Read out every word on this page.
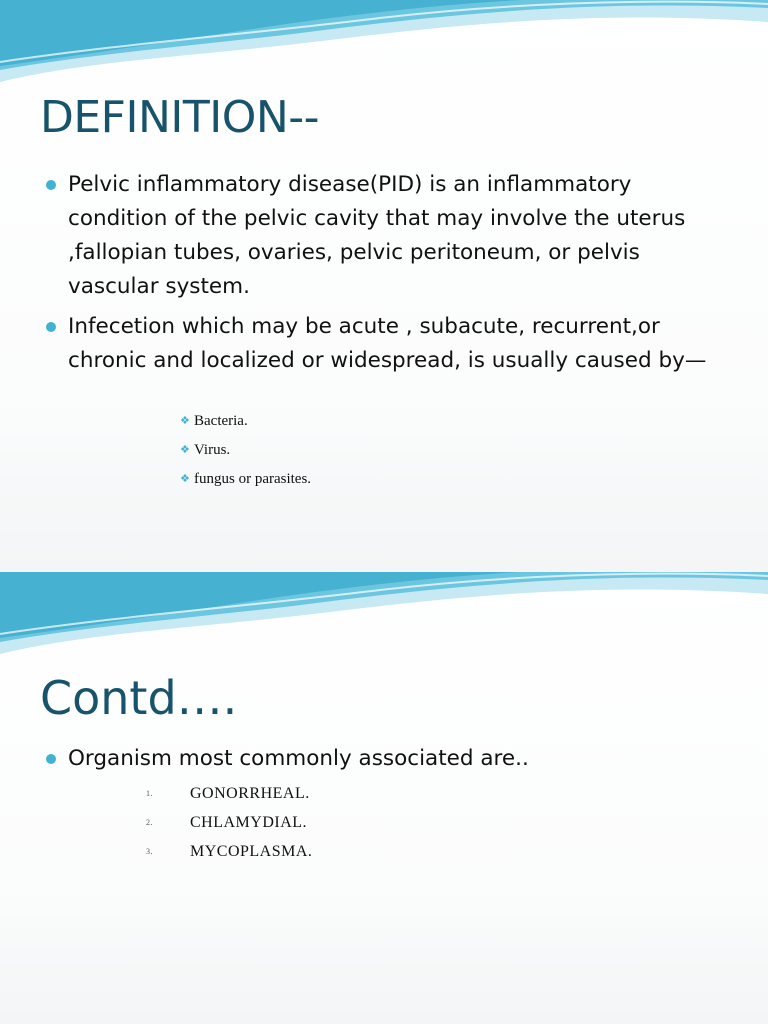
DEFINITION--
Pelvic inflammatory disease(PID) is an inflammatory condition of the pelvic cavity that may involve the uterus ,fallopian tubes, ovaries, pelvic peritoneum, or pelvis vascular system.
Infecetion which may be acute , subacute, recurrent,or chronic and localized or widespread, is usually caused by—
❖ Bacteria.
❖ Virus.
❖ fungus or parasites.
Contd….
Organism most commonly associated are..
1. GONORRHEAL.
2. CHLAMYDIAL.
3. MYCOPLASMA.
